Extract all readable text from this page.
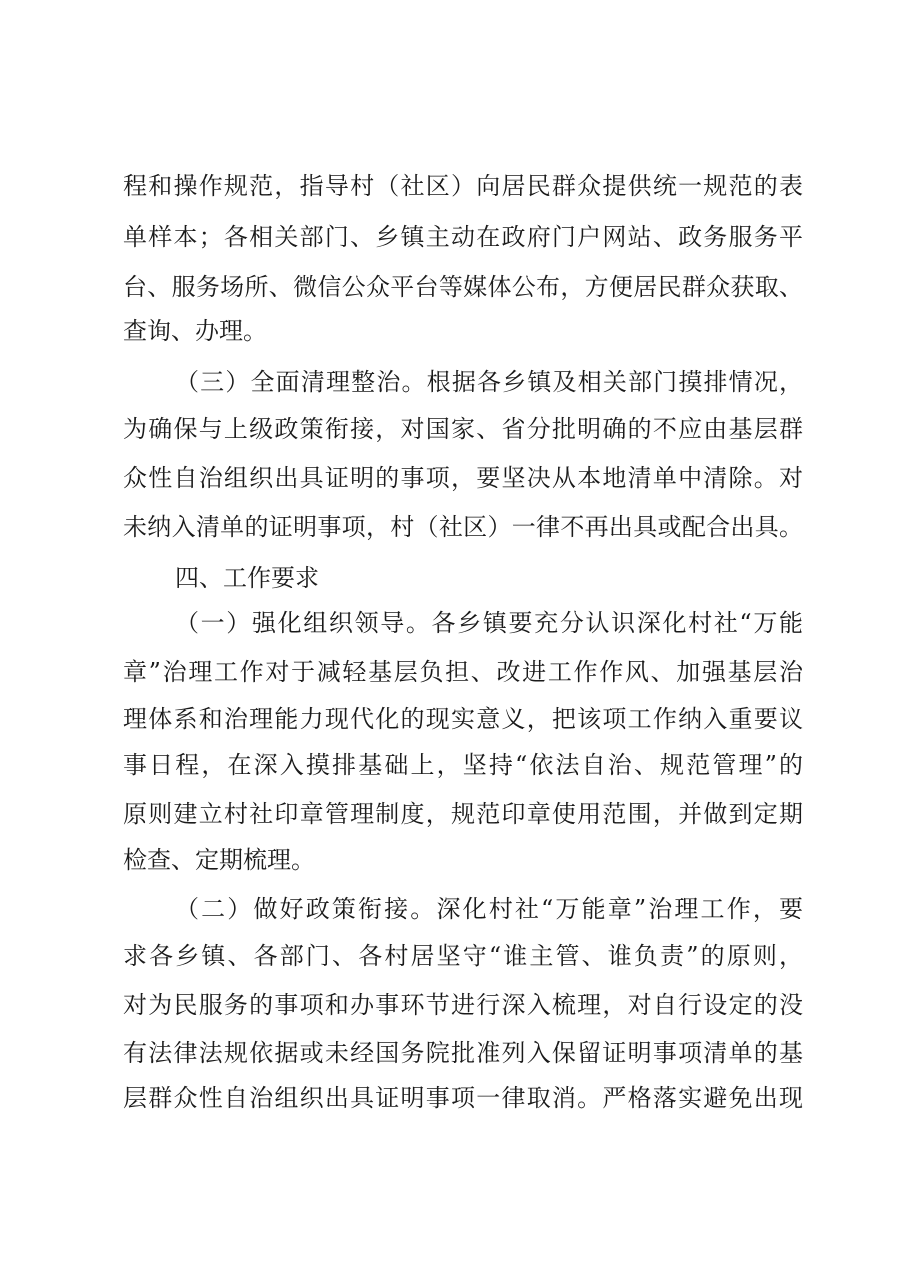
程和操作规范，指导村（社区）向居民群众提供统一规范的表
单样本；各相关部门、乡镇主动在政府门户网站、政务服务平
台、服务场所、微信公众平台等媒体公布，方便居民群众获取、
查询、办理。
（三）全面清理整治。根据各乡镇及相关部门摸排情况，
为确保与上级政策衔接，对国家、省分批明确的不应由基层群
众性自治组织出具证明的事项，要坚决从本地清单中清除。对
未纳入清单的证明事项，村（社区）一律不再出具或配合出具。
四、工作要求
（一）强化组织领导。各乡镇要充分认识深化村社“万能
章”治理工作对于减轻基层负担、改进工作作风、加强基层治
理体系和治理能力现代化的现实意义，把该项工作纳入重要议
事日程，在深入摸排基础上，坚持“依法自治、规范管理”的
原则建立村社印章管理制度，规范印章使用范围，并做到定期
检查、定期梳理。
（二）做好政策衔接。深化村社“万能章”治理工作，要
求各乡镇、各部门、各村居坚守“谁主管、谁负责”的原则，
对为民服务的事项和办事环节进行深入梳理，对自行设定的没
有法律法规依据或未经国务院批准列入保留证明事项清单的基
层群众性自治组织出具证明事项一律取消。严格落实避免出现
